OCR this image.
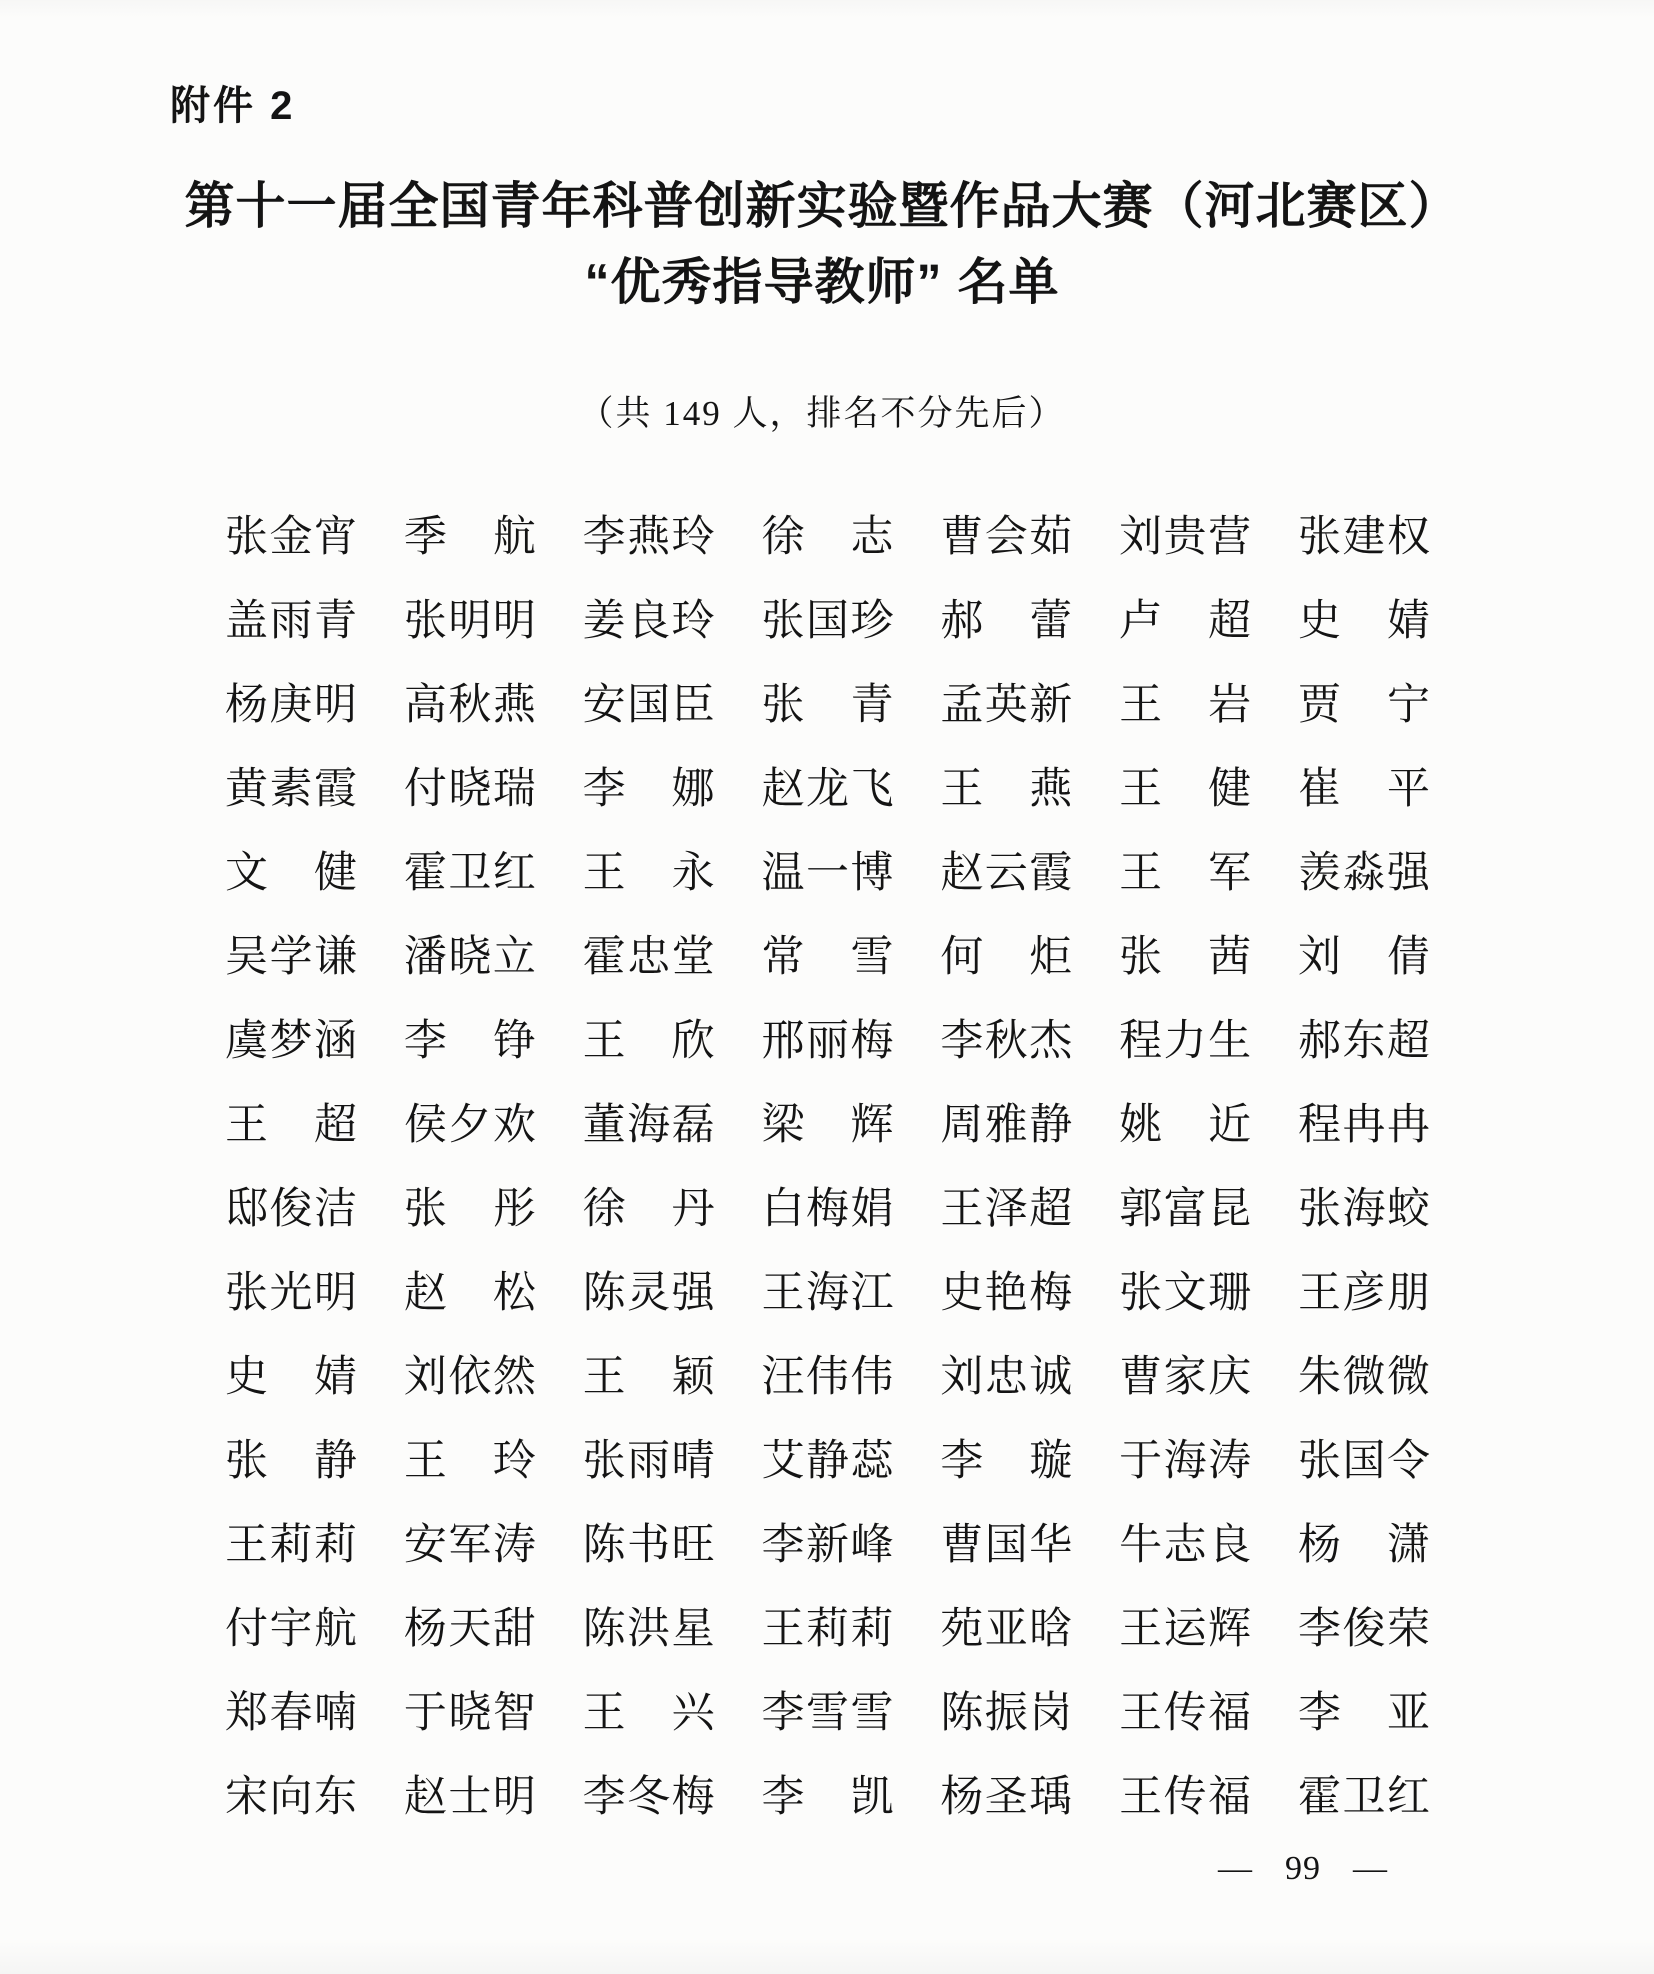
附件 2
第十一届全国青年科普创新实验暨作品大赛（河北赛区）
“优秀指导教师” 名单
（共 149 人，排名不分先后）
张金宵 季航 李燕玲 徐志 曹会茹 刘贵营 张建权
盖雨青 张明明 姜良玲 张国珍 郝蕾 卢超 史婧
杨庚明 高秋燕 安国臣 张青 孟英新 王岩 贾宁
黄素霞 付晓瑞 李娜 赵龙飞 王燕 王健 崔平
文健 霍卫红 王永 温一博 赵云霞 王军 羡淼强
吴学谦 潘晓立 霍忠堂 常雪 何炬 张茜 刘倩
虞梦涵 李铮 王欣 邢丽梅 李秋杰 程力生 郝东超
王超 侯夕欢 董海磊 梁辉 周雅静 姚近 程冉冉
邸俊洁 张彤 徐丹 白梅娟 王泽超 郭富昆 张海蛟
张光明 赵松 陈灵强 王海江 史艳梅 张文珊 王彦朋
史婧 刘依然 王颖 汪伟伟 刘忠诚 曹家庆 朱微微
张静 王玲 张雨晴 艾静蕊 李璇 于海涛 张国令
王莉莉 安军涛 陈书旺 李新峰 曹国华 牛志良 杨潇
付宇航 杨天甜 陈洪星 王莉莉 苑亚晗 王运辉 李俊荣
郑春喃 于晓智 王兴 李雪雪 陈振岗 王传福 李亚
宋向东 赵士明 李冬梅 李凯 杨圣瑀 王传福 霍卫红
— 99 —
